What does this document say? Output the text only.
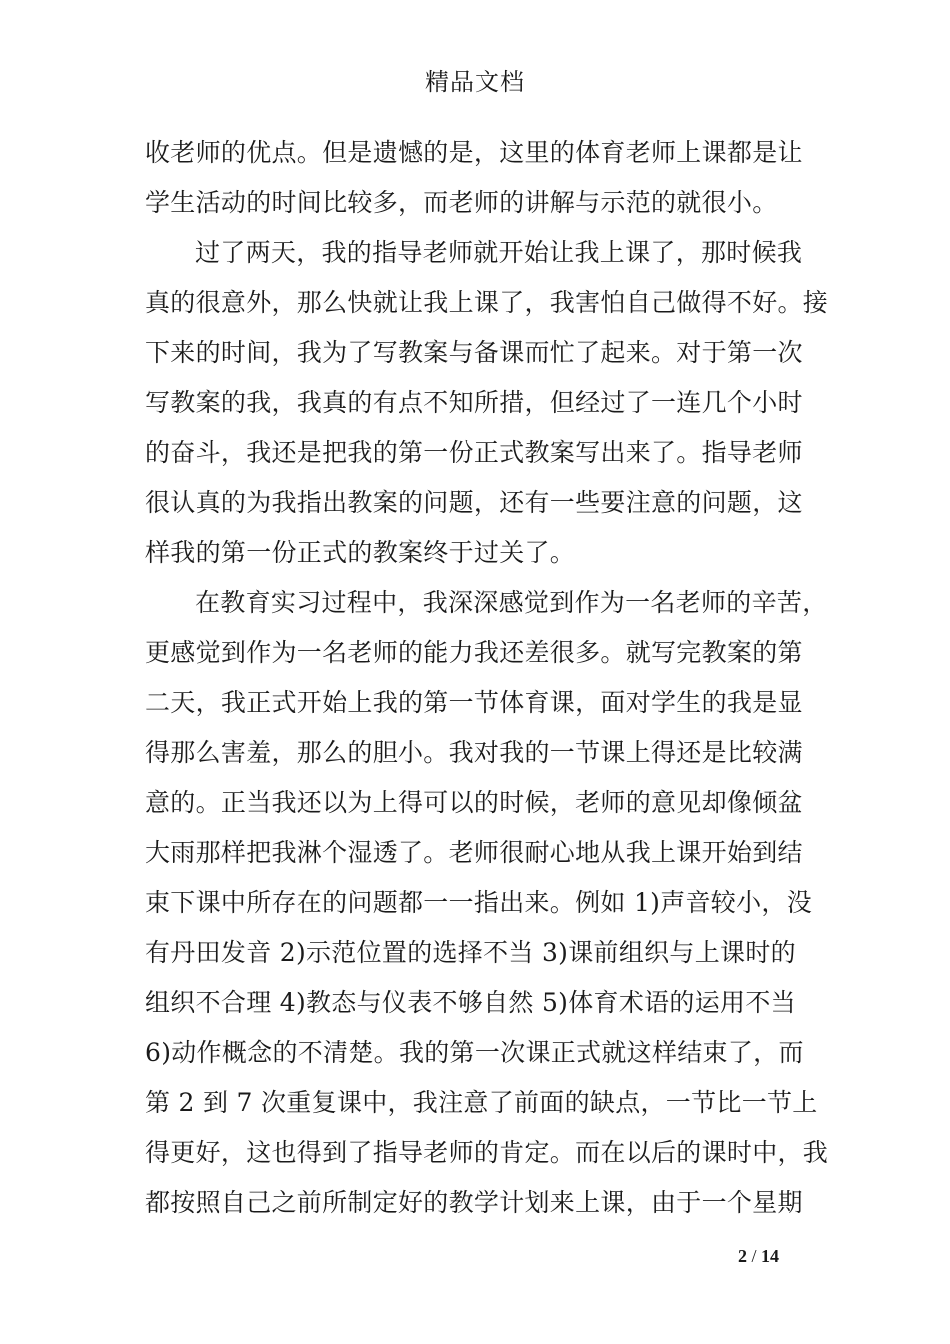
精品文档
收老师的优点。但是遗憾的是，这里的体育老师上课都是让
学生活动的时间比较多，而老师的讲解与示范的就很小。
过了两天，我的指导老师就开始让我上课了，那时候我
真的很意外，那么快就让我上课了，我害怕自己做得不好。接
下来的时间，我为了写教案与备课而忙了起来。对于第一次
写教案的我，我真的有点不知所措，但经过了一连几个小时
的奋斗，我还是把我的第一份正式教案写出来了。指导老师
很认真的为我指出教案的问题，还有一些要注意的问题，这
样我的第一份正式的教案终于过关了。
在教育实习过程中，我深深感觉到作为一名老师的辛苦，
更感觉到作为一名老师的能力我还差很多。就写完教案的第
二天，我正式开始上我的第一节体育课，面对学生的我是显
得那么害羞，那么的胆小。我对我的一节课上得还是比较满
意的。正当我还以为上得可以的时候，老师的意见却像倾盆
大雨那样把我淋个湿透了。老师很耐心地从我上课开始到结
束下课中所存在的问题都一一指出来。例如 1)声音较小，没
有丹田发音 2)示范位置的选择不当 3)课前组织与上课时的
组织不合理 4)教态与仪表不够自然 5)体育术语的运用不当
6)动作概念的不清楚。我的第一次课正式就这样结束了，而
第 2 到 7 次重复课中，我注意了前面的缺点，一节比一节上
得更好，这也得到了指导老师的肯定。而在以后的课时中，我
都按照自己之前所制定好的教学计划来上课，由于一个星期
2 / 14
